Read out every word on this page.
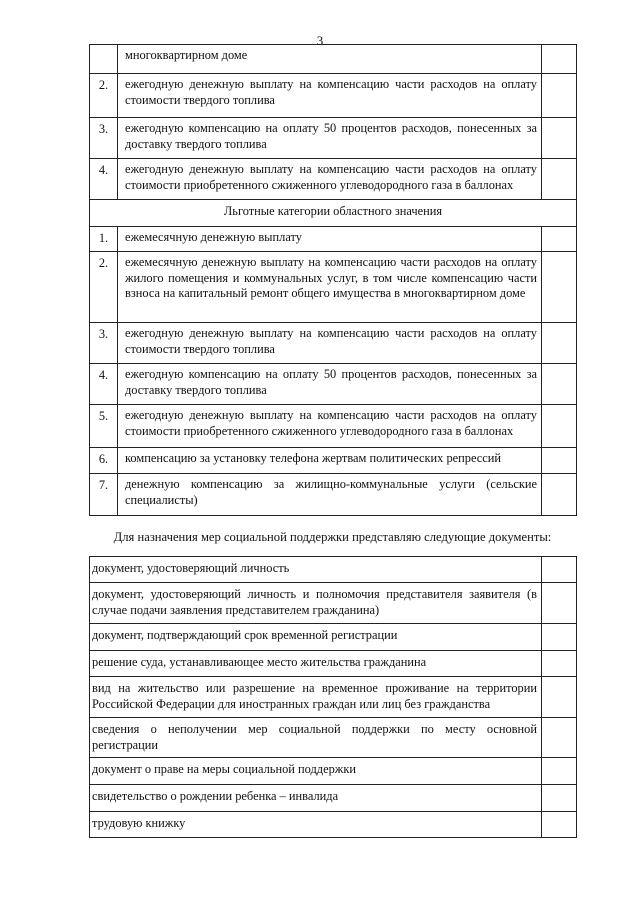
3
	многоквартирном доме	
2.	ежегодную денежную выплату на компенсацию части расходов на оплату стоимости твердого топлива	
3.	ежегодную компенсацию на оплату 50 процентов расходов, понесенных за доставку твердого топлива	
4.	ежегодную денежную выплату на компенсацию части расходов на оплату стоимости приобретенного сжиженного углеводородного газа в баллонах	
Льготные категории областного значения		
1.	ежемесячную денежную выплату	
2.	ежемесячную денежную выплату на компенсацию части расходов на оплату жилого помещения и коммунальных услуг, в том числе компенсацию части взноса на капитальный ремонт общего имущества в многоквартирном доме	
3.	ежегодную денежную выплату на компенсацию части расходов на оплату стоимости твердого топлива	
4.	ежегодную компенсацию на оплату 50 процентов расходов, понесенных за доставку твердого топлива	
5.	ежегодную денежную выплату на компенсацию части расходов на оплату стоимости приобретенного сжиженного углеводородного газа в баллонах	
6.	компенсацию за установку телефона жертвам политических репрессий	
7.	денежную компенсацию за жилищно-коммунальные услуги (сельские специалисты)	
Для назначения мер социальной поддержки представляю следующие документы:
документ, удостоверяющий личность	
документ, удостоверяющий личность и полномочия представителя заявителя (в случае подачи заявления представителем гражданина)	
документ, подтверждающий срок временной регистрации	
решение суда, устанавливающее место жительства гражданина	
вид на жительство или разрешение на временное проживание на территории Российской Федерации для иностранных граждан или лиц без гражданства	
сведения о неполучении мер социальной поддержки по месту основной регистрации	
документ о праве на меры социальной поддержки	
свидетельство о рождении ребенка – инвалида	
трудовую книжку	
